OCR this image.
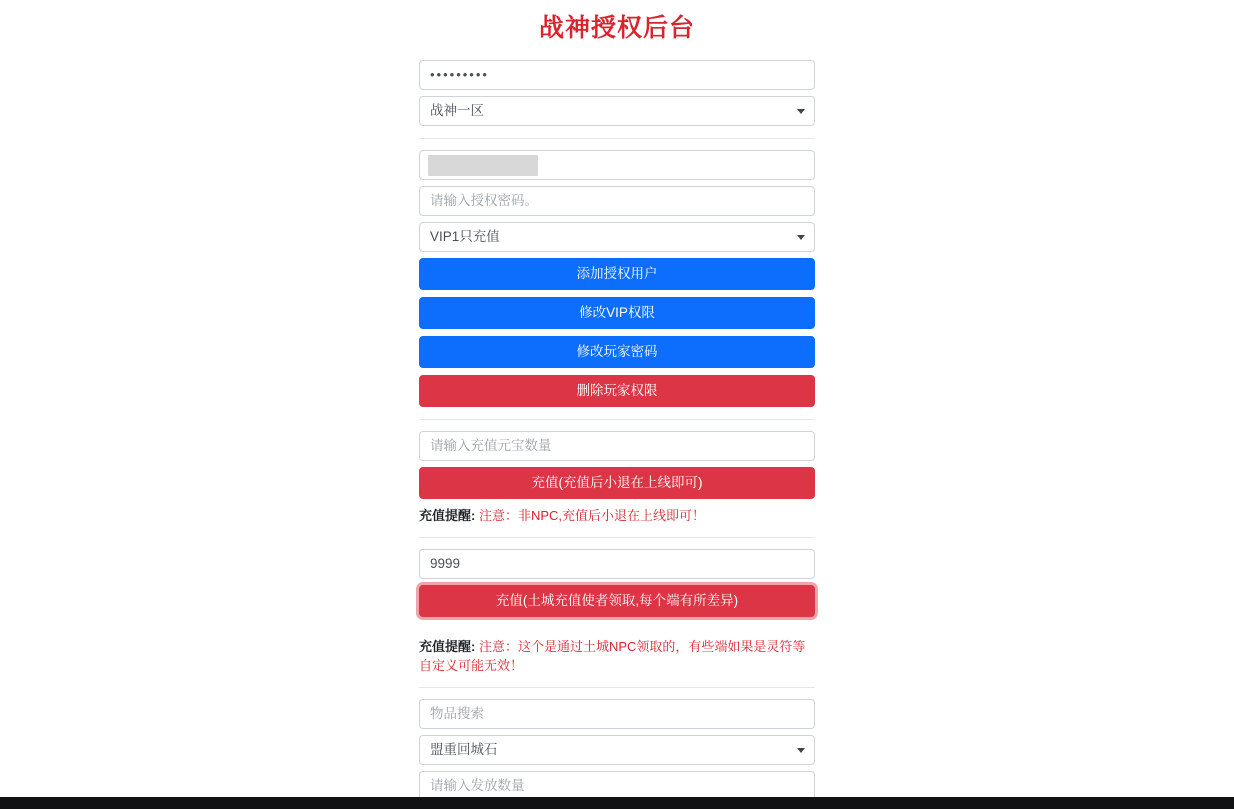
战神授权后台
•••••••••
战神一区
请输入授权密码。
VIP1只充值
添加授权用户
修改VIP权限
修改玩家密码
删除玩家权限
请输入充值元宝数量
充值(充值后小退在上线即可)
充值提醒: 注意：非NPC,充值后小退在上线即可！
9999
充值(土城充值使者领取,每个端有所差异)
充值提醒: 注意：这个是通过土城NPC领取的，有些端如果是灵符等自定义可能无效！
物品搜索
盟重回城石
请输入发放数量
